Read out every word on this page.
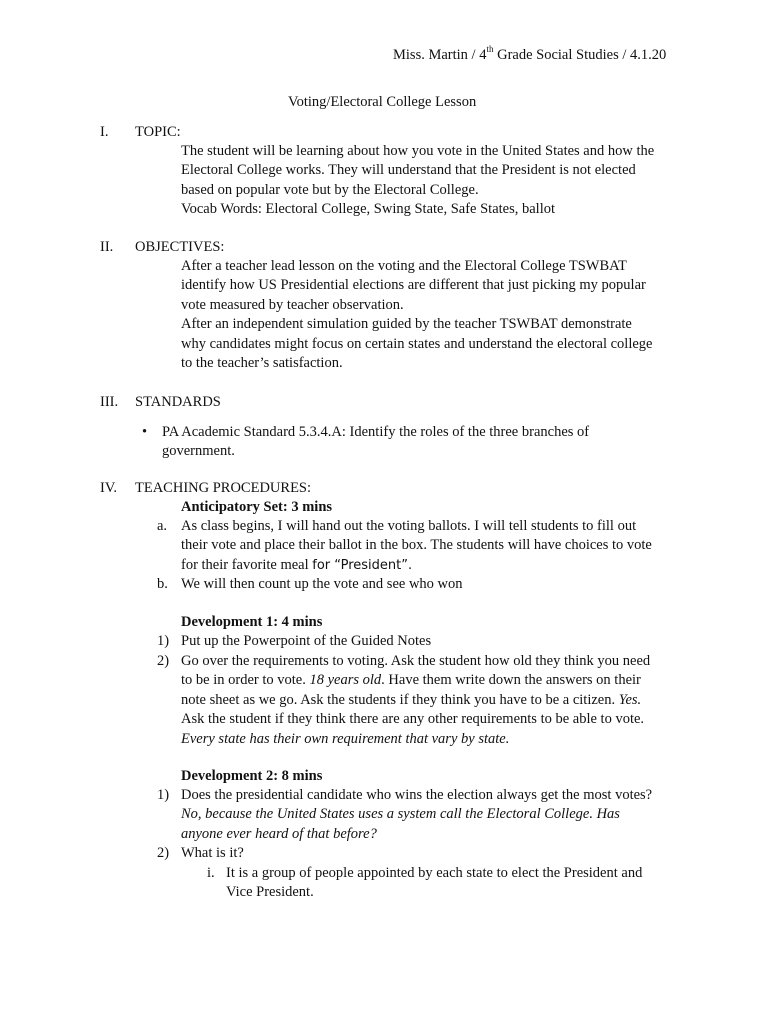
Miss. Martin / 4th Grade Social Studies / 4.1.20
Voting/Electoral College Lesson
I.	TOPIC:

The student will be learning about how you vote in the United States and how the

Electoral College works. They will understand that the President is not elected

based on popular vote but by the Electoral College.

Vocab Words: Electoral College, Swing State, Safe States, ballot

II.	OBJECTIVES:

After a teacher lead lesson on the voting and the Electoral College TSWBAT

identify how US Presidential elections are different that just picking my popular

vote measured by teacher observation.

After an independent simulation guided by the teacher TSWBAT demonstrate

why candidates might focus on certain states and understand the electoral college

to the teacher’s satisfaction.

III.	STANDARDS
• PA Academic Standard 5.3.4.A: Identify the roles of the three branches of

government.

IV.	TEACHING PROCEDURES:
Anticipatory Set: 3 mins
a. As class begins, I will hand out the voting ballots. I will tell students to fill out

their vote and place their ballot in the box. The students will have choices to vote

for their favorite meal for “President”.

b. We will then count up the vote and see who won
Development 1: 4 mins
1) Put up the Powerpoint of the Guided Notes
2) Go over the requirements to voting. Ask the student how old they think you need

to be in order to vote. 18 years old. Have them write down the answers on their

note sheet as we go. Ask the students if they think you have to be a citizen. Yes.

Ask the student if they think there are any other requirements to be able to vote.

Every state has their own requirement that vary by state.

Development 2: 8 mins
1) Does the presidential candidate who wins the election always get the most votes?

No, because the United States uses a system call the Electoral College. Has

anyone ever heard of that before?

2) What is it?
i. It is a group of people appointed by each state to elect the President and

Vice President.
